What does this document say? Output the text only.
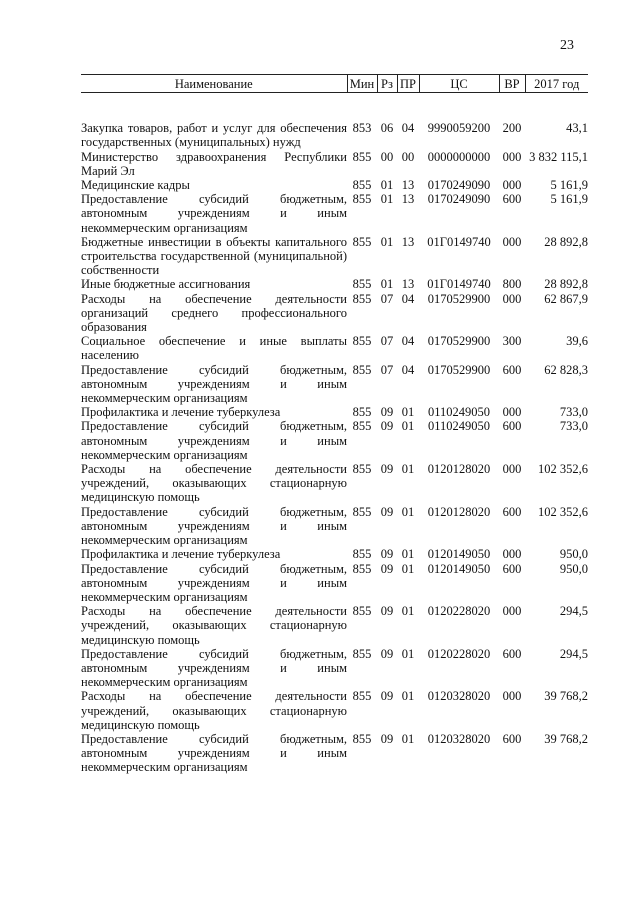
23
Наименование	Мин	Рз	ПР	ЦС	ВР	2017 год
Закупка товаров, работ и услуг для обеспечения государственных (муниципальных) нужд	853	06	04	9990059200	200	43,1
Министерство здравоохранения Республики Марий Эл	855	00	00	0000000000	000	3 832 115,1
Медицинские кадры	855	01	13	0170249090	000	5 161,9
Предоставление субсидий бюджетным, автономным учреждениям и иным некоммерческим организациям	855	01	13	0170249090	600	5 161,9
Бюджетные инвестиции в объекты капитального строительства государственной (муниципальной) собственности	855	01	13	01Г0149740	000	28 892,8
Иные бюджетные ассигнования	855	01	13	01Г0149740	800	28 892,8
Расходы на обеспечение деятельности организаций среднего профессионального образования	855	07	04	0170529900	000	62 867,9
Социальное обеспечение и иные выплаты населению	855	07	04	0170529900	300	39,6
Предоставление субсидий бюджетным, автономным учреждениям и иным некоммерческим организациям	855	07	04	0170529900	600	62 828,3
Профилактика и лечение туберкулеза	855	09	01	0110249050	000	733,0
Предоставление субсидий бюджетным, автономным учреждениям и иным некоммерческим организациям	855	09	01	0110249050	600	733,0
Расходы на обеспечение деятельности учреждений, оказывающих стационарную медицинскую помощь	855	09	01	0120128020	000	102 352,6
Предоставление субсидий бюджетным, автономным учреждениям и иным некоммерческим организациям	855	09	01	0120128020	600	102 352,6
Профилактика и лечение туберкулеза	855	09	01	0120149050	000	950,0
Предоставление субсидий бюджетным, автономным учреждениям и иным некоммерческим организациям	855	09	01	0120149050	600	950,0
Расходы на обеспечение деятельности учреждений, оказывающих стационарную медицинскую помощь	855	09	01	0120228020	000	294,5
Предоставление субсидий бюджетным, автономным учреждениям и иным некоммерческим организациям	855	09	01	0120228020	600	294,5
Расходы на обеспечение деятельности учреждений, оказывающих стационарную медицинскую помощь	855	09	01	0120328020	000	39 768,2
Предоставление субсидий бюджетным, автономным учреждениям и иным некоммерческим организациям	855	09	01	0120328020	600	39 768,2
